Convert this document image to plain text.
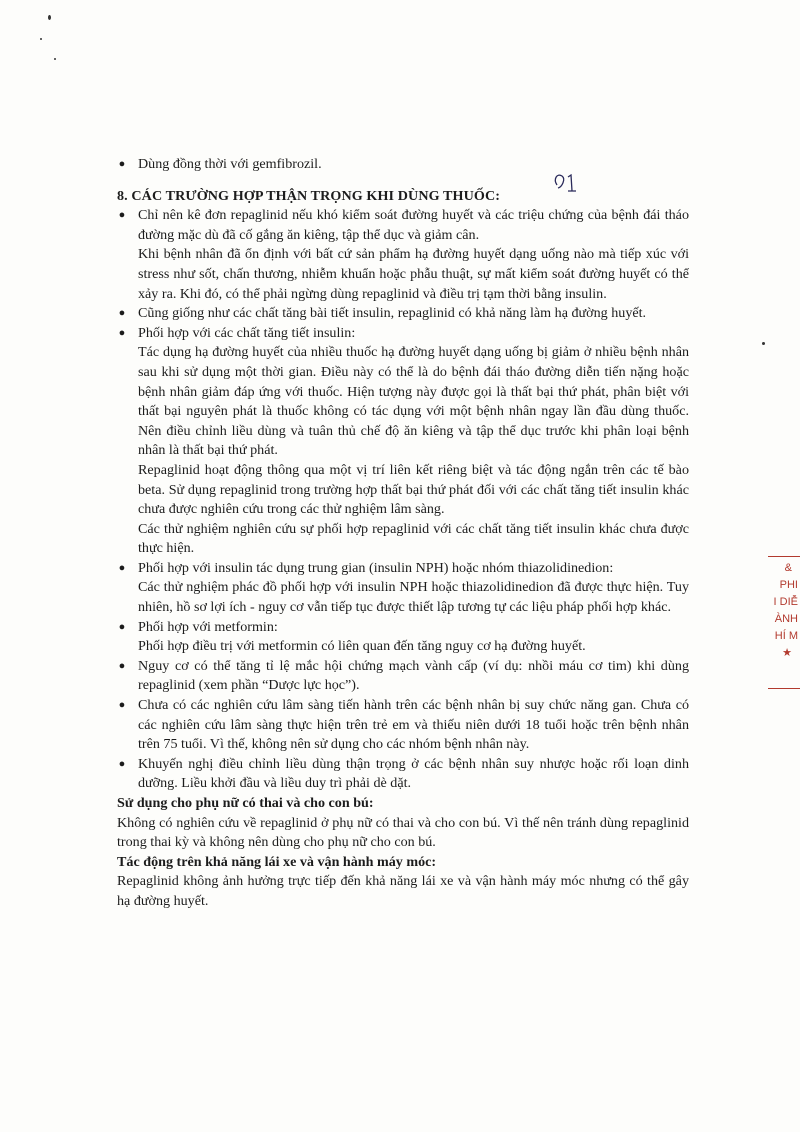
&
PHI
I DIỄ
ÀNH
HÍ M
★
● Dùng đồng thời với gemfibrozil.
8. CÁC TRƯỜNG HỢP THẬN TRỌNG KHI DÙNG THUỐC:
● Chỉ nên kê đơn repaglinid nếu khó kiểm soát đường huyết và các triệu chứng của bệnh đái tháo đường mặc dù đã cố gắng ăn kiêng, tập thể dục và giảm cân.
Khi bệnh nhân đã ổn định với bất cứ sản phẩm hạ đường huyết dạng uống nào mà tiếp xúc với stress như sốt, chấn thương, nhiễm khuẩn hoặc phẫu thuật, sự mất kiểm soát đường huyết có thể xảy ra. Khi đó, có thể phải ngừng dùng repaglinid và điều trị tạm thời bằng insulin.
● Cũng giống như các chất tăng bài tiết insulin, repaglinid có khả năng làm hạ đường huyết.
● Phối hợp với các chất tăng tiết insulin:
Tác dụng hạ đường huyết của nhiều thuốc hạ đường huyết dạng uống bị giảm ở nhiều bệnh nhân sau khi sử dụng một thời gian. Điều này có thể là do bệnh đái tháo đường diễn tiến nặng hoặc bệnh nhân giảm đáp ứng với thuốc. Hiện tượng này được gọi là thất bại thứ phát, phân biệt với thất bại nguyên phát là thuốc không có tác dụng với một bệnh nhân ngay lần đầu dùng thuốc. Nên điều chỉnh liều dùng và tuân thủ chế độ ăn kiêng và tập thể dục trước khi phân loại bệnh nhân là thất bại thứ phát.
Repaglinid hoạt động thông qua một vị trí liên kết riêng biệt và tác động ngắn trên các tế bào beta. Sử dụng repaglinid trong trường hợp thất bại thứ phát đối với các chất tăng tiết insulin khác chưa được nghiên cứu trong các thử nghiệm lâm sàng.
Các thử nghiệm nghiên cứu sự phối hợp repaglinid với các chất tăng tiết insulin khác chưa được thực hiện.
● Phối hợp với insulin tác dụng trung gian (insulin NPH) hoặc nhóm thiazolidinedion:
Các thử nghiệm phác đồ phối hợp với insulin NPH hoặc thiazolidinedion đã được thực hiện. Tuy nhiên, hồ sơ lợi ích - nguy cơ vẫn tiếp tục được thiết lập tương tự các liệu pháp phối hợp khác.
● Phối hợp với metformin:
Phối hợp điều trị với metformin có liên quan đến tăng nguy cơ hạ đường huyết.
● Nguy cơ có thể tăng tỉ lệ mắc hội chứng mạch vành cấp (ví dụ: nhồi máu cơ tim) khi dùng repaglinid (xem phần “Dược lực học”).
● Chưa có các nghiên cứu lâm sàng tiến hành trên các bệnh nhân bị suy chức năng gan. Chưa có các nghiên cứu lâm sàng thực hiện trên trẻ em và thiếu niên dưới 18 tuổi hoặc trên bệnh nhân trên 75 tuổi. Vì thế, không nên sử dụng cho các nhóm bệnh nhân này.
● Khuyến nghị điều chỉnh liều dùng thận trọng ở các bệnh nhân suy nhược hoặc rối loạn dinh dưỡng. Liều khởi đầu và liều duy trì phải dè dặt.
Sử dụng cho phụ nữ có thai và cho con bú:
Không có nghiên cứu về repaglinid ở phụ nữ có thai và cho con bú. Vì thế nên tránh dùng repaglinid trong thai kỳ và không nên dùng cho phụ nữ cho con bú.
Tác động trên khả năng lái xe và vận hành máy móc:
Repaglinid không ảnh hưởng trực tiếp đến khả năng lái xe và vận hành máy móc nhưng có thể gây hạ đường huyết.
